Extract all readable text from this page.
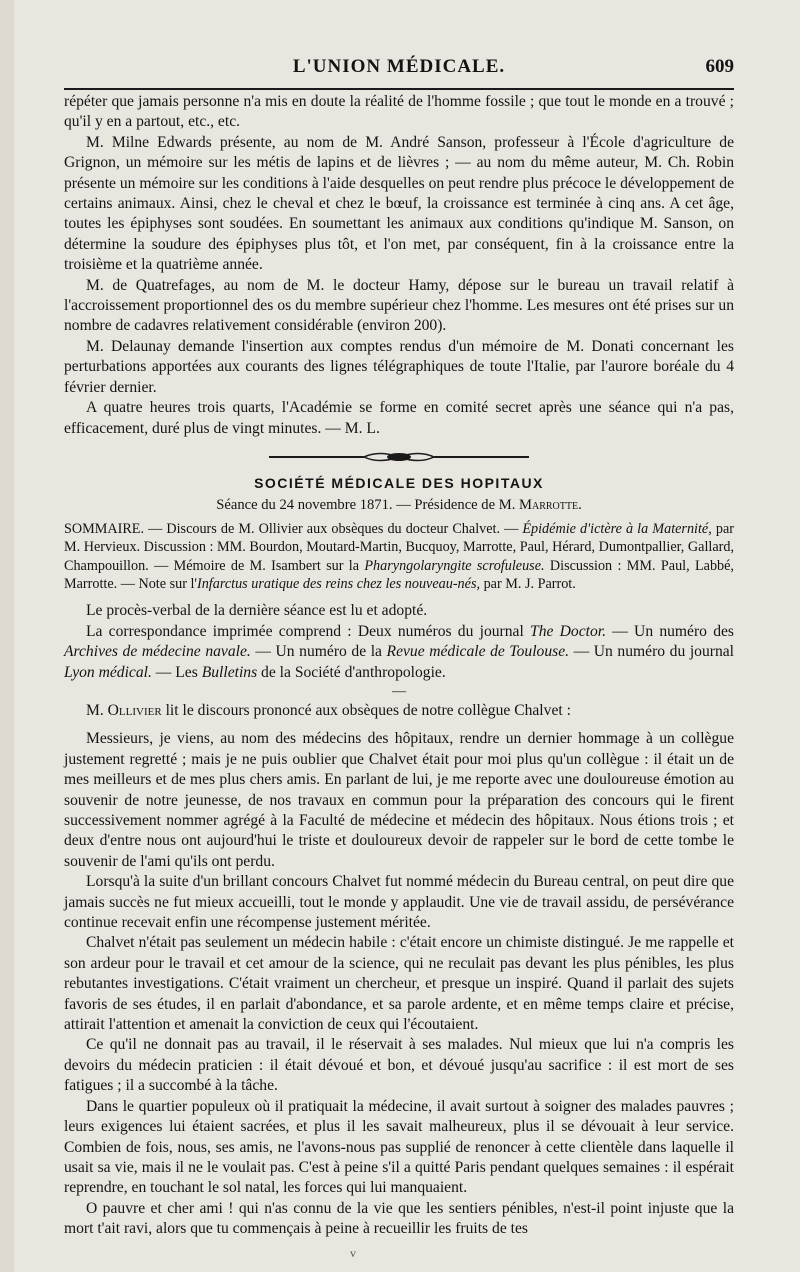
L'UNION MÉDICALE.	609

répéter que jamais personne n'a mis en doute la réalité de l'homme fossile ; que tout le monde en a trouvé ; qu'il y en a partout, etc., etc.

M. Milne Edwards présente, au nom de M. André Sanson, professeur à l'École d'agriculture de Grignon, un mémoire sur les métis de lapins et de lièvres ; — au nom du même auteur, M. Ch. Robin présente un mémoire sur les conditions à l'aide desquelles on peut rendre plus précoce le développement de certains animaux. Ainsi, chez le cheval et chez le bœuf, la croissance est terminée à cinq ans. A cet âge, toutes les épiphyses sont soudées. En soumettant les animaux aux conditions qu'indique M. Sanson, on détermine la soudure des épiphyses plus tôt, et l'on met, par conséquent, fin à la croissance entre la troisième et la quatrième année.

M. de Quatrefages, au nom de M. le docteur Hamy, dépose sur le bureau un travail relatif à l'accroissement proportionnel des os du membre supérieur chez l'homme. Les mesures ont été prises sur un nombre de cadavres relativement considérable (environ 200).

M. Delaunay demande l'insertion aux comptes rendus d'un mémoire de M. Donati concernant les perturbations apportées aux courants des lignes télégraphiques de toute l'Italie, par l'aurore boréale du 4 février dernier.

A quatre heures trois quarts, l'Académie se forme en comité secret après une séance qui n'a pas, efficacement, duré plus de vingt minutes. — M. L.

SOCIÉTÉ MÉDICALE DES HOPITAUX
Séance du 24 novembre 1871. — Présidence de M. Marrotte.

SOMMAIRE. — Discours de M. Ollivier aux obsèques du docteur Chalvet. — Épidémie d'ictère à la Maternité, par M. Hervieux. Discussion : MM. Bourdon, Moutard-Martin, Bucquoy, Marrotte, Paul, Hérard, Dumontpallier, Gallard, Champouillon. — Mémoire de M. Isambert sur la Pharyngolaryngite scrofuleuse. Discussion : MM. Paul, Labbé, Marrotte. — Note sur l'Infarctus uratique des reins chez les nouveau-nés, par M. J. Parrot.

Le procès-verbal de la dernière séance est lu et adopté.

La correspondance imprimée comprend : Deux numéros du journal The Doctor. — Un numéro des Archives de médecine navale. — Un numéro de la Revue médicale de Toulouse. — Un numéro du journal Lyon médical. — Les Bulletins de la Société d'anthropologie.

—

M. Ollivier lit le discours prononcé aux obsèques de notre collègue Chalvet :

Messieurs, je viens, au nom des médecins des hôpitaux, rendre un dernier hommage à un collègue justement regretté ; mais je ne puis oublier que Chalvet était pour moi plus qu'un collègue : il était un de mes meilleurs et de mes plus chers amis. En parlant de lui, je me reporte avec une douloureuse émotion au souvenir de notre jeunesse, de nos travaux en commun pour la préparation des concours qui le firent successivement nommer agrégé à la Faculté de médecine et médecin des hôpitaux. Nous étions trois ; et deux d'entre nous ont aujourd'hui le triste et douloureux devoir de rappeler sur le bord de cette tombe le souvenir de l'ami qu'ils ont perdu.

Lorsqu'à la suite d'un brillant concours Chalvet fut nommé médecin du Bureau central, on peut dire que jamais succès ne fut mieux accueilli, tout le monde y applaudit. Une vie de travail assidu, de persévérance continue recevait enfin une récompense justement méritée.

Chalvet n'était pas seulement un médecin habile : c'était encore un chimiste distingué. Je me rappelle et son ardeur pour le travail et cet amour de la science, qui ne reculait pas devant les plus pénibles, les plus rebutantes investigations. C'était vraiment un chercheur, et presque un inspiré. Quand il parlait des sujets favoris de ses études, il en parlait d'abondance, et sa parole ardente, et en même temps claire et précise, attirait l'attention et amenait la conviction de ceux qui l'écoutaient.

Ce qu'il ne donnait pas au travail, il le réservait à ses malades. Nul mieux que lui n'a compris les devoirs du médecin praticien : il était dévoué et bon, et dévoué jusqu'au sacrifice : il est mort de ses fatigues ; il a succombé à la tâche.

Dans le quartier populeux où il pratiquait la médecine, il avait surtout à soigner des malades pauvres ; leurs exigences lui étaient sacrées, et plus il les savait malheureux, plus il se dévouait à leur service. Combien de fois, nous, ses amis, ne l'avons-nous pas supplié de renoncer à cette clientèle dans laquelle il usait sa vie, mais il ne le voulait pas. C'est à peine s'il a quitté Paris pendant quelques semaines : il espérait reprendre, en touchant le sol natal, les forces qui lui manquaient.

O pauvre et cher ami ! qui n'as connu de la vie que les sentiers pénibles, n'est-il point injuste que la mort t'ait ravi, alors que tu commençais à peine à recueillir les fruits de tes

v
